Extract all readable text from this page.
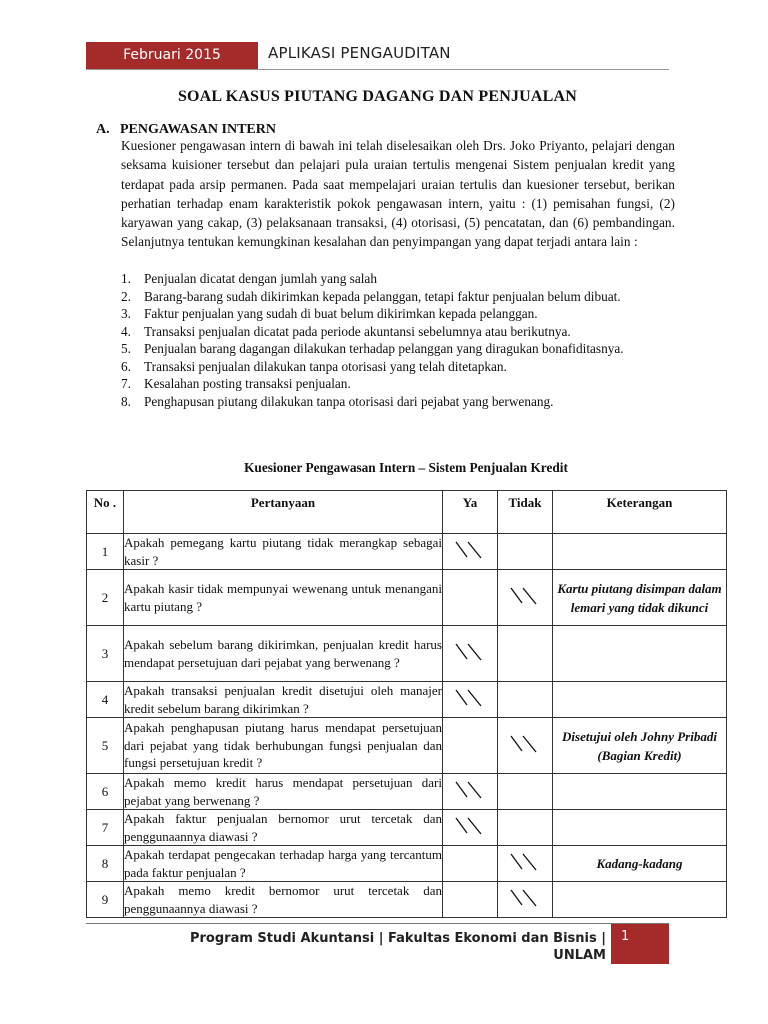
Februari 2015	APLIKASI PENGAUDITAN
SOAL KASUS PIUTANG DAGANG DAN PENJUALAN
A. PENGAWASAN INTERN
Kuesioner pengawasan intern di bawah ini telah diselesaikan oleh Drs. Joko Priyanto, pelajari dengan seksama kuisioner tersebut dan pelajari pula uraian tertulis mengenai Sistem penjualan kredit yang terdapat pada arsip permanen. Pada saat mempelajari uraian tertulis dan kuesioner tersebut, berikan perhatian terhadap enam karakteristik pokok pengawasan intern, yaitu : (1) pemisahan fungsi, (2) karyawan yang cakap, (3) pelaksanaan transaksi, (4) otorisasi, (5) pencatatan, dan (6) pembandingan. Selanjutnya tentukan kemungkinan kesalahan dan penyimpangan yang dapat terjadi antara lain :
1. Penjualan dicatat dengan jumlah yang salah
2. Barang-barang sudah dikirimkan kepada pelanggan, tetapi faktur penjualan belum dibuat.
3. Faktur penjualan yang sudah di buat belum dikirimkan kepada pelanggan.
4. Transaksi penjualan dicatat pada periode akuntansi sebelumnya atau berikutnya.
5. Penjualan barang dagangan dilakukan terhadap pelanggan yang diragukan bonafiditasnya.
6. Transaksi penjualan dilakukan tanpa otorisasi yang telah ditetapkan.
7. Kesalahan posting transaksi penjualan.
8. Penghapusan piutang dilakukan tanpa otorisasi dari pejabat yang berwenang.
Kuesioner Pengawasan Intern – Sistem Penjualan Kredit
No .	Pertanyaan	Ya	Tidak	Keterangan
1	Apakah pemegang kartu piutang tidak merangkap sebagai kasir ?			
2	Apakah kasir tidak mempunyai wewenang untuk menangani kartu piutang ?			Kartu piutang disimpan dalam lemari yang tidak dikunci
3	Apakah sebelum barang dikirimkan, penjualan kredit harus mendapat persetujuan dari pejabat yang berwenang ?			
4	Apakah transaksi penjualan kredit disetujui oleh manajer kredit sebelum barang dikirimkan ?			
5	Apakah penghapusan piutang harus mendapat persetujuan dari pejabat yang tidak berhubungan fungsi penjualan dan fungsi persetujuan kredit ?			Disetujui oleh Johny Pribadi (Bagian Kredit)
6	Apakah memo kredit harus mendapat persetujuan dari pejabat yang berwenang ?			
7	Apakah faktur penjualan bernomor urut tercetak dan penggunaannya diawasi ?			
8	Apakah terdapat pengecakan terhadap harga yang tercantum pada faktur penjualan ?			Kadang-kadang
9	Apakah memo kredit bernomor urut tercetak dan penggunaannya diawasi ?			
Program Studi Akuntansi | Fakultas Ekonomi dan Bisnis |
UNLAM
1
